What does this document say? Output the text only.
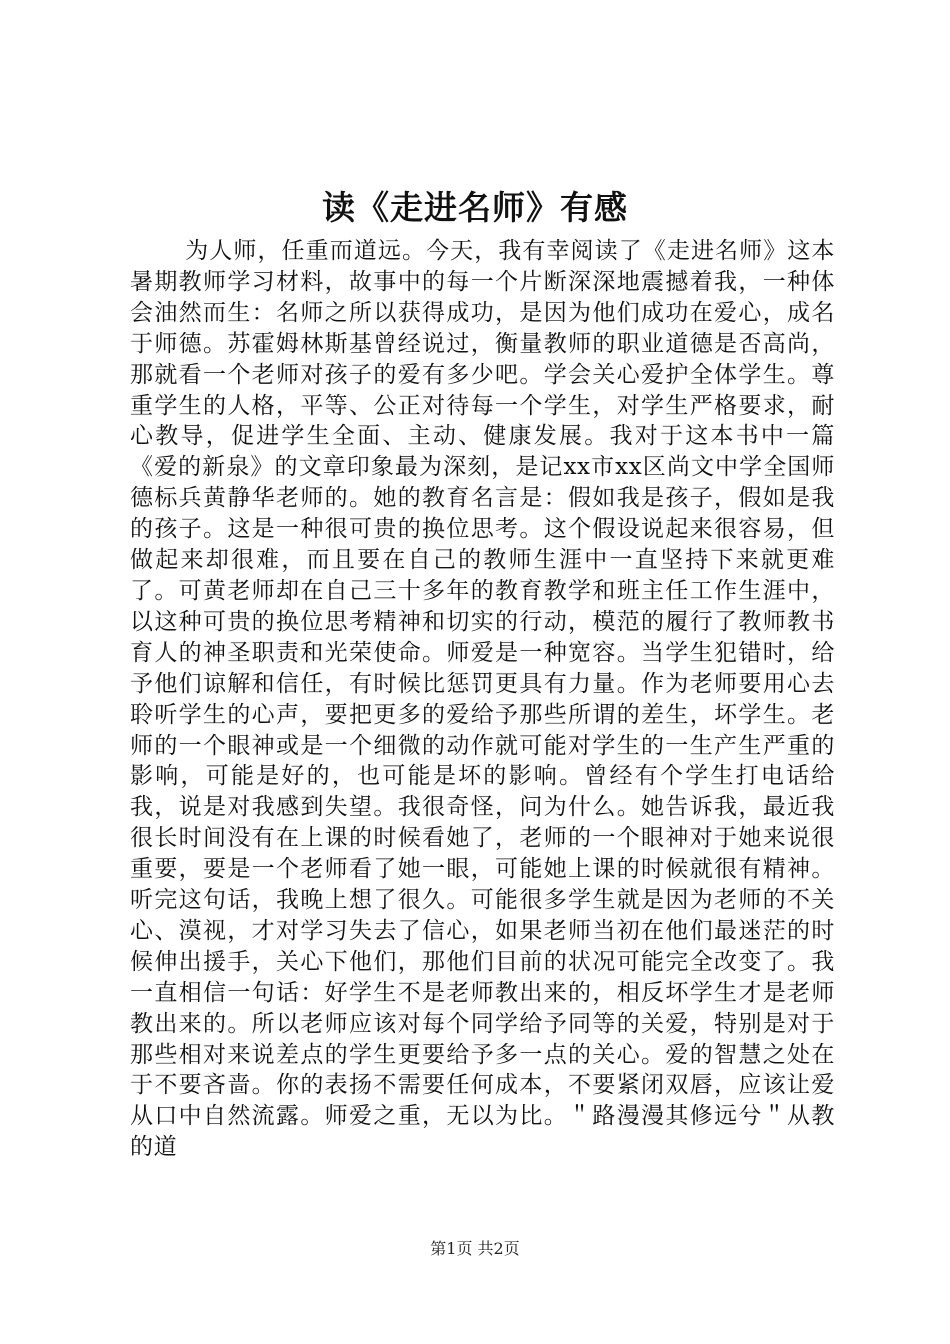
读《走进名师》有感

为人师，任重而道远。今天，我有幸阅读了《走进名师》这本暑期教师学习材料，故事中的每一个片断深深地震撼着我，一种体会油然而生：名师之所以获得成功，是因为他们成功在爱心，成名于师德。苏霍姆林斯基曾经说过，衡量教师的职业道德是否高尚，那就看一个老师对孩子的爱有多少吧。学会关心爱护全体学生。尊重学生的人格，平等、公正对待每一个学生，对学生严格要求，耐心教导，促进学生全面、主动、健康发展。我对于这本书中一篇《爱的新泉》的文章印象最为深刻，是记xx市xx区尚文中学全国师德标兵黄静华老师的。她的教育名言是：假如我是孩子，假如是我的孩子。这是一种很可贵的换位思考。这个假设说起来很容易，但做起来却很难，而且要在自己的教师生涯中一直坚持下来就更难了。可黄老师却在自己三十多年的教育教学和班主任工作生涯中，以这种可贵的换位思考精神和切实的行动，模范的履行了教师教书育人的神圣职责和光荣使命。师爱是一种宽容。当学生犯错时，给予他们谅解和信任，有时候比惩罚更具有力量。作为老师要用心去聆听学生的心声，要把更多的爱给予那些所谓的差生，坏学生。老师的一个眼神或是一个细微的动作就可能对学生的一生产生严重的影响，可能是好的，也可能是坏的影响。曾经有个学生打电话给我，说是对我感到失望。我很奇怪，问为什么。她告诉我，最近我很长时间没有在上课的时候看她了，老师的一个眼神对于她来说很重要，要是一个老师看了她一眼，可能她上课的时候就很有精神。听完这句话，我晚上想了很久。可能很多学生就是因为老师的不关心、漠视，才对学习失去了信心，如果老师当初在他们最迷茫的时候伸出援手，关心下他们，那他们目前的状况可能完全改变了。我一直相信一句话：好学生不是老师教出来的，相反坏学生才是老师教出来的。所以老师应该对每个同学给予同等的关爱，特别是对于那些相对来说差点的学生更要给予多一点的关心。爱的智慧之处在于不要吝啬。你的表扬不需要任何成本，不要紧闭双唇，应该让爱从口中自然流露。师爱之重，无以为比。＂路漫漫其修远兮＂从教的道

第1页 共2页
